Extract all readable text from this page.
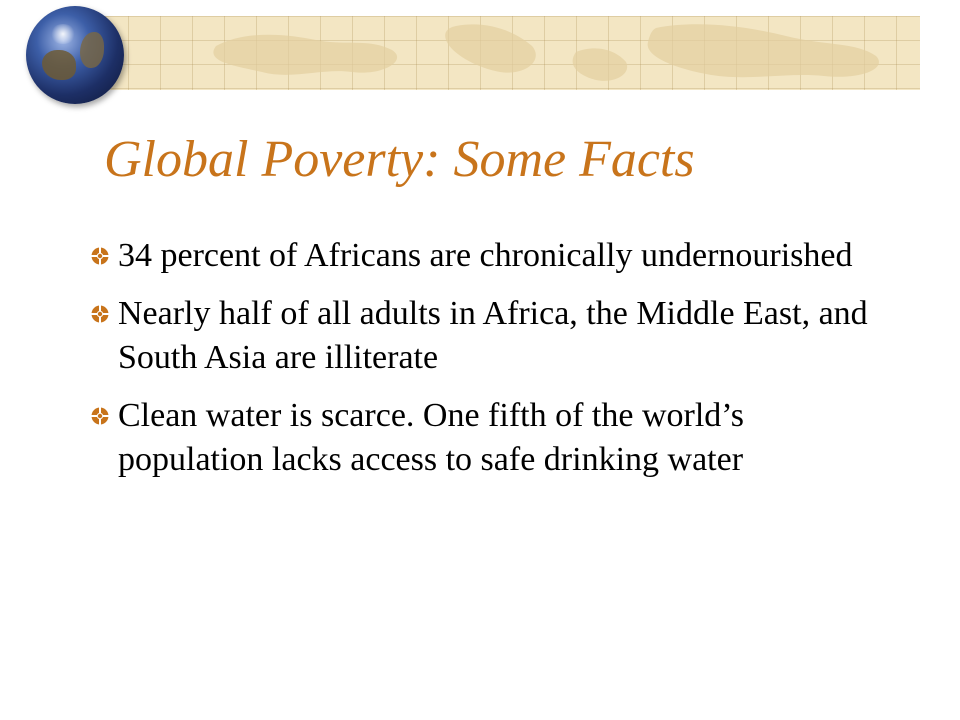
Global Poverty: Some Facts
34 percent of Africans are chronically undernourished
Nearly half of all adults in Africa, the Middle East, and South Asia are illiterate
Clean water is scarce. One fifth of the world’s population lacks access to safe drinking water
